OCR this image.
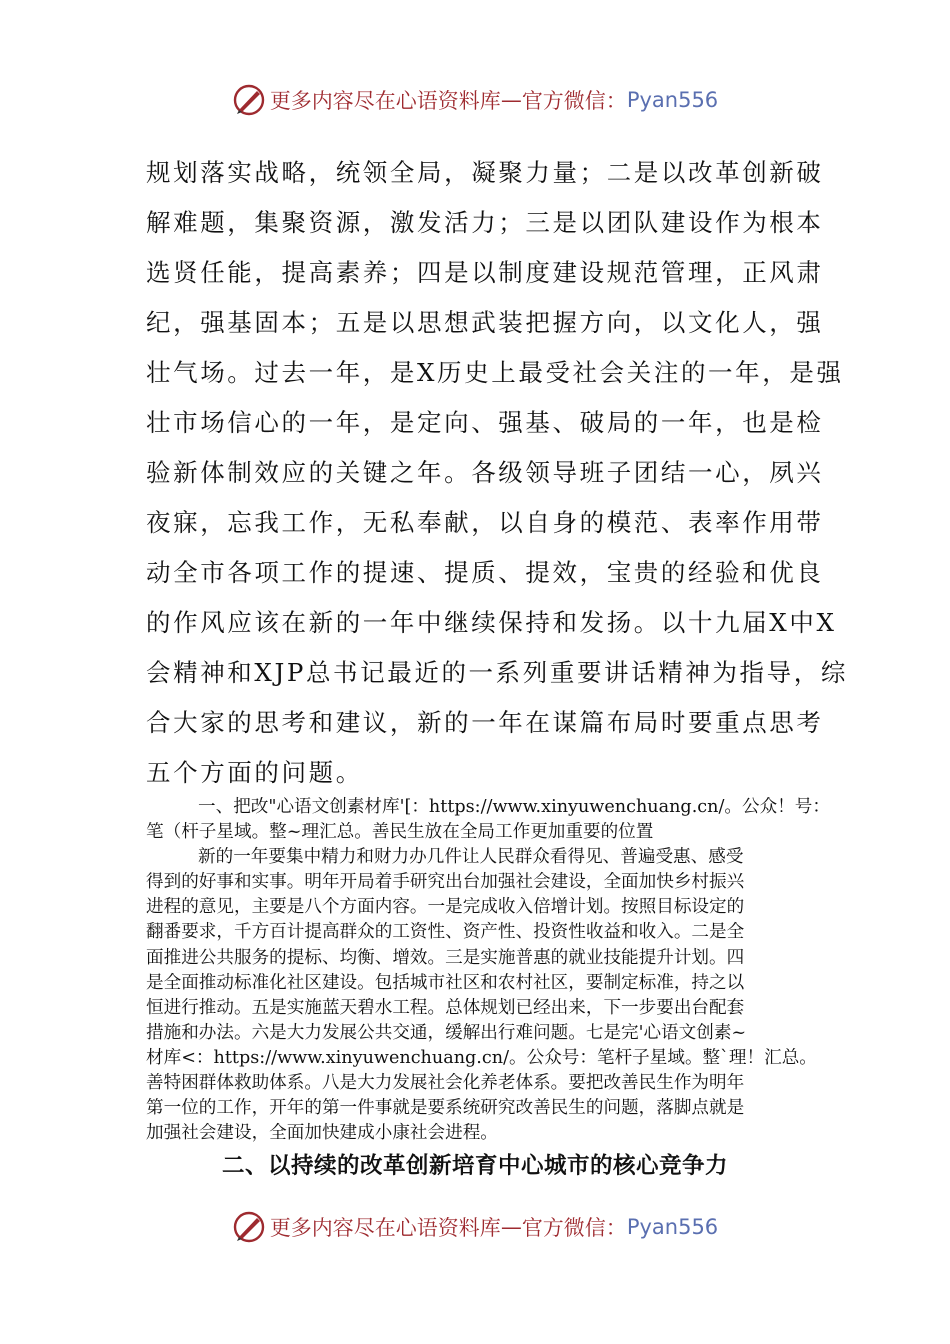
更多内容尽在心语资料库—官方微信：Pyan556
规划落实战略，统领全局，凝聚力量；二是以改革创新破
解难题，集聚资源，激发活力；三是以团队建设作为根本
选贤任能，提高素养；四是以制度建设规范管理，正风肃
纪，强基固本；五是以思想武装把握方向，以文化人，强
壮气场。过去一年，是X历史上最受社会关注的一年，是强
壮市场信心的一年，是定向、强基、破局的一年，也是检
验新体制效应的关键之年。各级领导班子团结一心，夙兴
夜寐，忘我工作，无私奉献，以自身的模范、表率作用带
动全市各项工作的提速、提质、提效，宝贵的经验和优良
的作风应该在新的一年中继续保持和发扬。以十九届X中X
会精神和XJP总书记最近的一系列重要讲话精神为指导，综
合大家的思考和建议，新的一年在谋篇布局时要重点思考
五个方面的问题。
一、把改"心语文创素材库'[：https://www.xinyuwenchuang.cn/。公众！号：
笔（杆子星域。整~理汇总。善民生放在全局工作更加重要的位置
新的一年要集中精力和财力办几件让人民群众看得见、普遍受惠、感受
得到的好事和实事。明年开局着手研究出台加强社会建设，全面加快乡村振兴
进程的意见，主要是八个方面内容。一是完成收入倍增计划。按照目标设定的
翻番要求，千方百计提高群众的工资性、资产性、投资性收益和收入。二是全
面推进公共服务的提标、均衡、增效。三是实施普惠的就业技能提升计划。四
是全面推动标准化社区建设。包括城市社区和农村社区，要制定标准，持之以
恒进行推动。五是实施蓝天碧水工程。总体规划已经出来，下一步要出台配套
措施和办法。六是大力发展公共交通，缓解出行难问题。七是完'心语文创素~
材库<：https://www.xinyuwenchuang.cn/。公众号：笔杆子星域。整`理！汇总。
善特困群体救助体系。八是大力发展社会化养老体系。要把改善民生作为明年
第一位的工作，开年的第一件事就是要系统研究改善民生的问题，落脚点就是
加强社会建设，全面加快建成小康社会进程。
二、以持续的改革创新培育中心城市的核心竞争力
更多内容尽在心语资料库—官方微信：Pyan556
